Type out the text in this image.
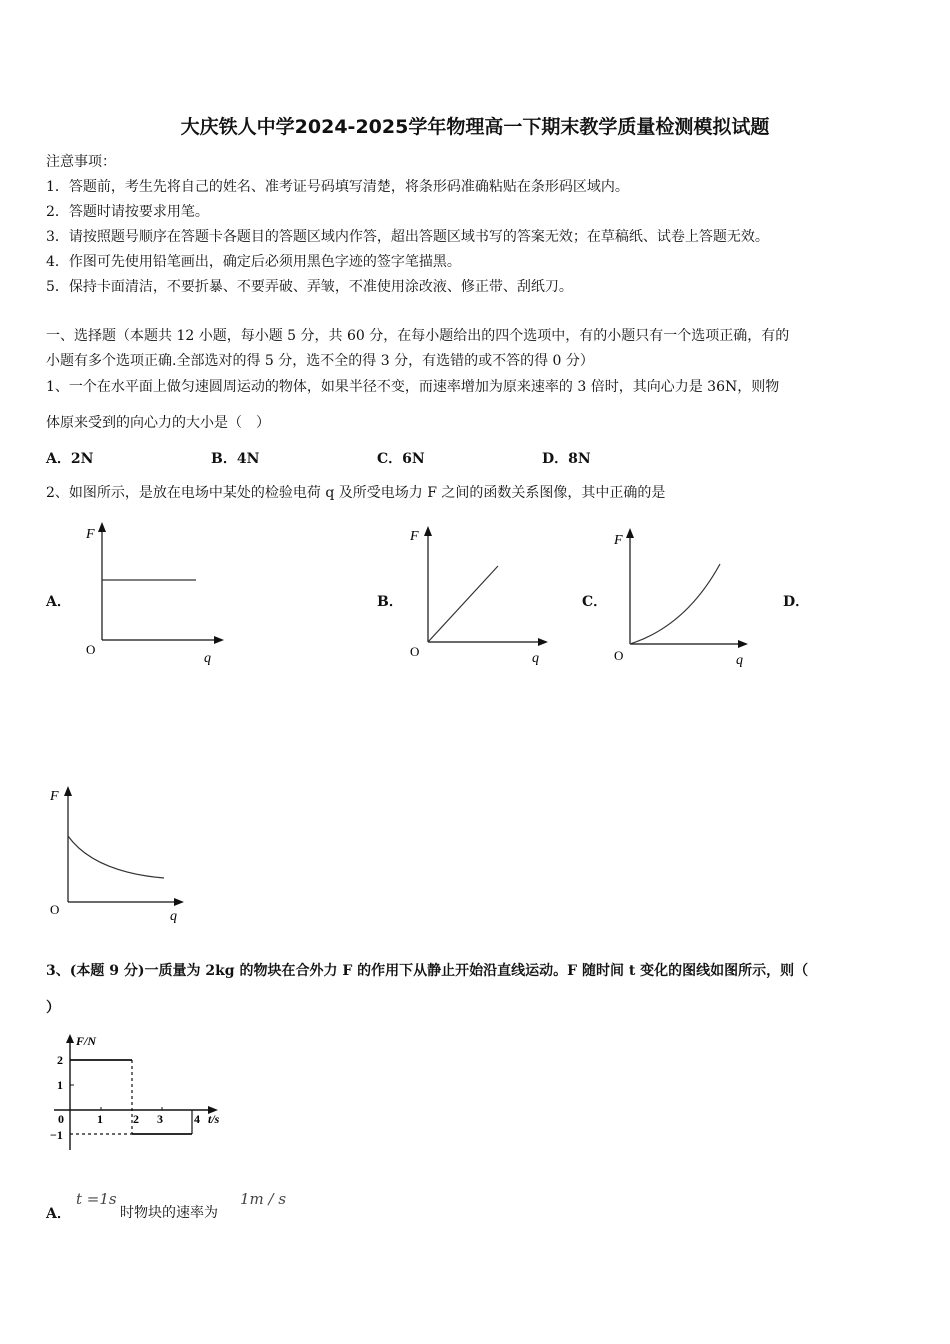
大庆铁人中学2024-2025学年物理高一下期末教学质量检测模拟试题
注意事项：
1．答题前，考生先将自己的姓名、准考证号码填写清楚，将条形码准确粘贴在条形码区域内。
2．答题时请按要求用笔。
3．请按照题号顺序在答题卡各题目的答题区域内作答，超出答题区域书写的答案无效；在草稿纸、试卷上答题无效。
4．作图可先使用铅笔画出，确定后必须用黑色字迹的签字笔描黑。
5．保持卡面清洁，不要折暴、不要弄破、弄皱，不准使用涂改液、修正带、刮纸刀。
一、选择题（本题共 12 小题，每小题 5 分，共 60 分，在每小题给出的四个选项中，有的小题只有一个选项正确，有的
小题有多个选项正确.全部选对的得 5 分，选不全的得 3 分，有选错的或不答的得 0 分）
1、一个在水平面上做匀速圆周运动的物体，如果半径不变，而速率增加为原来速率的 3 倍时，其向心力是 36N，则物
体原来受到的向心力的大小是（　）
A．2N	B．4N	C．6N	D．8N
2、如图所示，是放在电场中某处的检验电荷 q 及所受电场力 F 之间的函数关系图像，其中正确的是
A．	B．	C．	D．
F
O
q
F
O	q
F
O	q
F
O	q
3、(本题 9 分)一质量为 2kg 的物块在合外力 F 的作用下从静止开始沿直线运动。F 随时间 t 变化的图线如图所示，则（
）
F/N
2
1
0
−1
1	2 3	4 t/s
A．
t =1s
时物块的速率为
1m / s
